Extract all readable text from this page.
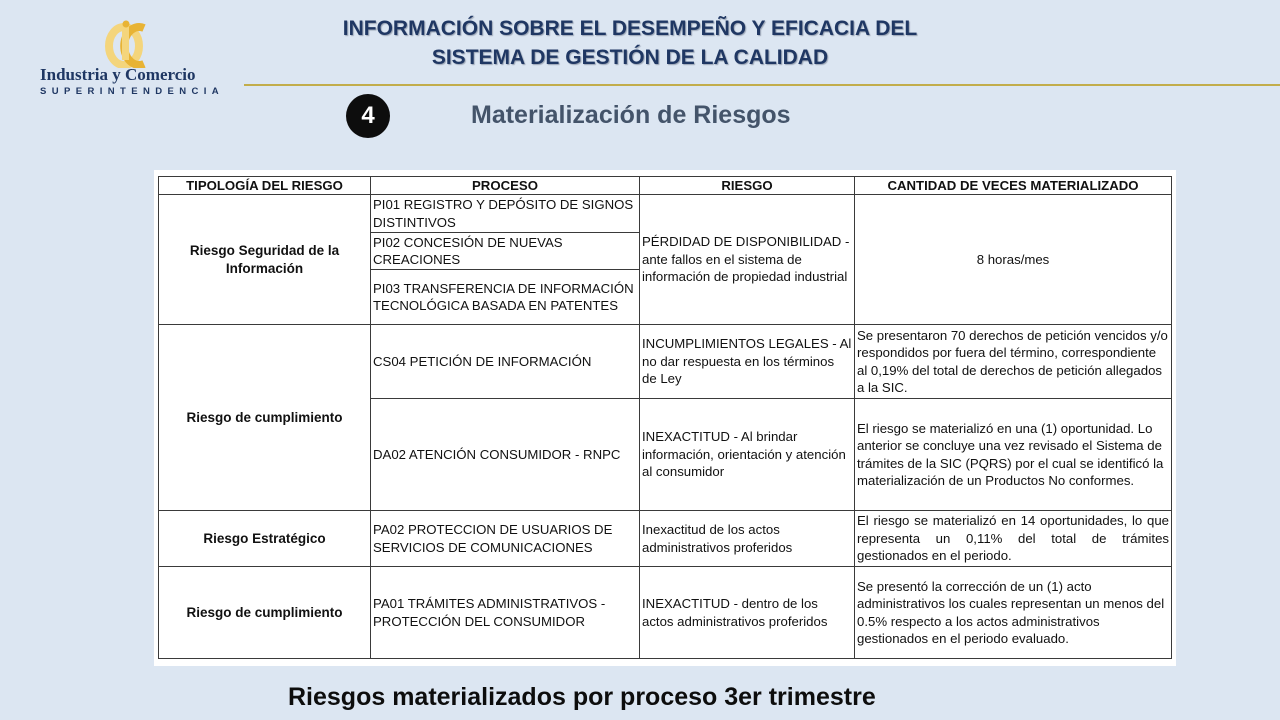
Industria y Comercio
SUPERINTENDENCIA
INFORMACIÓN SOBRE EL DESEMPEÑO Y EFICACIA DEL
SISTEMA DE GESTIÓN DE LA CALIDAD
4	Materialización de Riesgos
TIPOLOGÍA DEL RIESGO	PROCESO	RIESGO	CANTIDAD DE VECES MATERIALIZADO
Riesgo Seguridad de la Información	PI01 REGISTRO Y DEPÓSITO DE SIGNOS DISTINTIVOS	PÉRDIDAD DE DISPONIBILIDAD - ante fallos en el sistema de información de propiedad industrial	8 horas/mes
	PI02 CONCESIÓN DE NUEVAS CREACIONES		
	PI03 TRANSFERENCIA DE INFORMACIÓN TECNOLÓGICA BASADA EN PATENTES		
Riesgo de cumplimiento	CS04 PETICIÓN DE INFORMACIÓN	INCUMPLIMIENTOS LEGALES - Al no dar respuesta en los términos de Ley	Se presentaron 70 derechos de petición vencidos y/o respondidos por fuera del término, correspondiente al 0,19% del total de derechos de petición allegados a la SIC.
	DA02 ATENCIÓN CONSUMIDOR - RNPC	INEXACTITUD - Al brindar información, orientación y atención al consumidor	El riesgo se materializó en una (1) oportunidad. Lo anterior se concluye una vez revisado el Sistema de trámites de la SIC (PQRS) por el cual se identificó la materialización de un Productos No conformes.
Riesgo Estratégico	PA02 PROTECCION DE USUARIOS DE SERVICIOS DE COMUNICACIONES	Inexactitud de los actos administrativos proferidos	El riesgo se materializó en 14 oportunidades, lo que representa un 0,11% del total de trámites gestionados en el periodo.
Riesgo de cumplimiento	PA01 TRÁMITES ADMINISTRATIVOS - PROTECCIÓN DEL CONSUMIDOR	INEXACTITUD - dentro de los actos administrativos proferidos	Se presentó la corrección de un (1) acto administrativos los cuales representan un menos del 0.5% respecto a los actos administrativos gestionados en el periodo evaluado.
Riesgos materializados por proceso 3er trimestre
